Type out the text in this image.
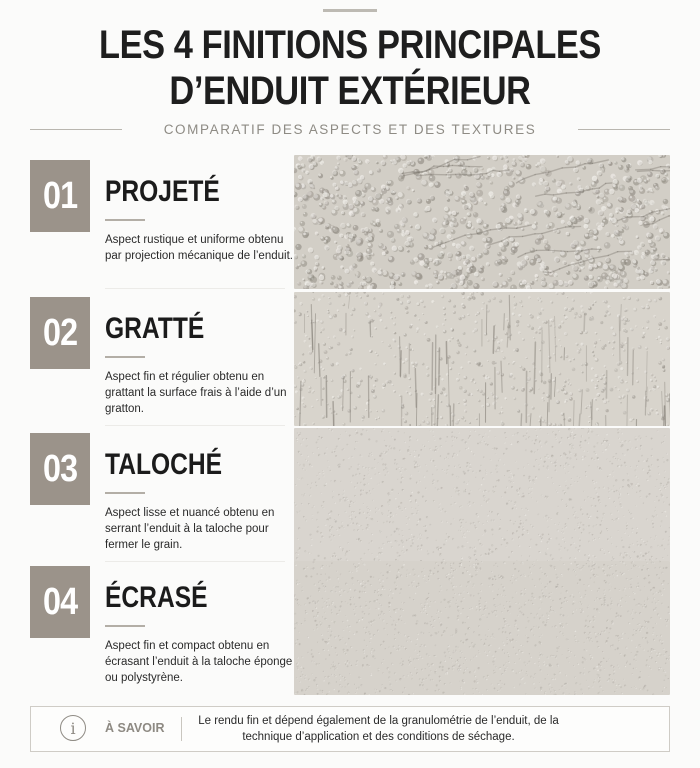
LES 4 FINITIONS PRINCIPALES
D’ENDUIT EXTÉRIEUR
COMPARATIF DES ASPECTS ET DES TEXTURES
01 PROJETÉ
Aspect rustique et uniforme obtenu par projection mécanique de l’enduit.
02 GRATTÉ
Aspect fin et régulier obtenu en grattant la surface frais à l’aide d’un gratton.
03 TALOCHÉ
Aspect lisse et nuancé obtenu en serrant l’enduit à la taloche pour fermer le grain.
04 ÉCRASÉ
Aspect fin et compact obtenu en écrasant l’enduit à la taloche éponge ou polystyrène.
i	À SAVOIR	Le rendu fin et dépend également de la granulométrie de l’enduit, de la technique d’application et des conditions de séchage.
